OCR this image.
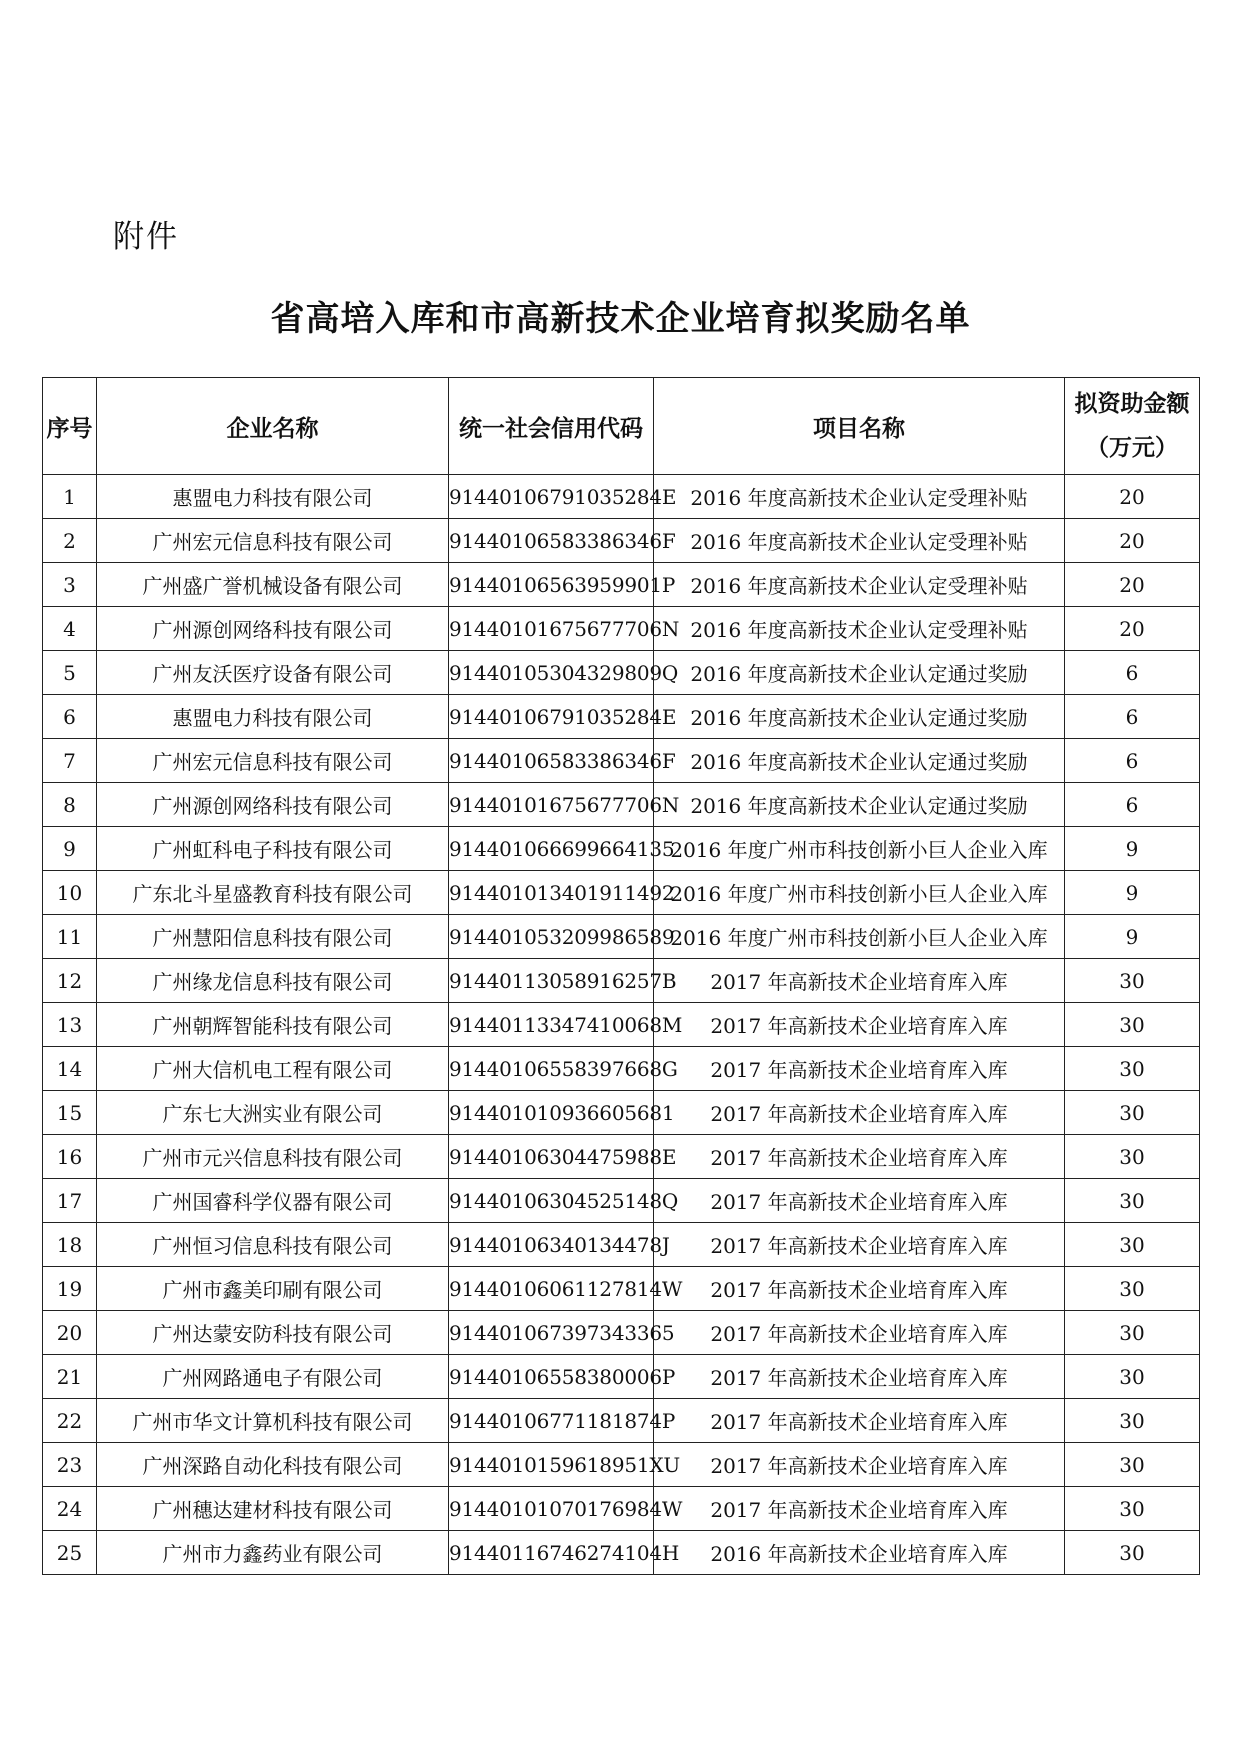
附件
省高培入库和市高新技术企业培育拟奖励名单
序号	企业名称	统一社会信用代码	项目名称	拟资助金额
（万元）

1	惠盟电力科技有限公司	91440106791035284E	2016 年度高新技术企业认定受理补贴	20
2	广州宏元信息科技有限公司	91440106583386346F	2016 年度高新技术企业认定受理补贴	20
3	广州盛广誉机械设备有限公司	91440106563959901P	2016 年度高新技术企业认定受理补贴	20
4	广州源创网络科技有限公司	91440101675677706N	2016 年度高新技术企业认定受理补贴	20
5	广州友沃医疗设备有限公司	91440105304329809Q	2016 年度高新技术企业认定通过奖励	6
6	惠盟电力科技有限公司	91440106791035284E	2016 年度高新技术企业认定通过奖励	6
7	广州宏元信息科技有限公司	91440106583386346F	2016 年度高新技术企业认定通过奖励	6
8	广州源创网络科技有限公司	91440101675677706N	2016 年度高新技术企业认定通过奖励	6
9	广州虹科电子科技有限公司	914401066699664135	2016 年度广州市科技创新小巨人企业入库	9
10	广东北斗星盛教育科技有限公司	914401013401911492	2016 年度广州市科技创新小巨人企业入库	9
11	广州慧阳信息科技有限公司	914401053209986589	2016 年度广州市科技创新小巨人企业入库	9
12	广州缘龙信息科技有限公司	91440113058916257B	2017 年高新技术企业培育库入库	30
13	广州朝辉智能科技有限公司	91440113347410068M	2017 年高新技术企业培育库入库	30
14	广州大信机电工程有限公司	91440106558397668G	2017 年高新技术企业培育库入库	30
15	广东七大洲实业有限公司	914401010936605681	2017 年高新技术企业培育库入库	30
16	广州市元兴信息科技有限公司	91440106304475988E	2017 年高新技术企业培育库入库	30
17	广州国睿科学仪器有限公司	91440106304525148Q	2017 年高新技术企业培育库入库	30
18	广州恒习信息科技有限公司	91440106340134478J	2017 年高新技术企业培育库入库	30
19	广州市鑫美印刷有限公司	91440106061127814W	2017 年高新技术企业培育库入库	30
20	广州达蒙安防科技有限公司	914401067397343365	2017 年高新技术企业培育库入库	30
21	广州网路通电子有限公司	91440106558380006P	2017 年高新技术企业培育库入库	30
22	广州市华文计算机科技有限公司	91440106771181874P	2017 年高新技术企业培育库入库	30
23	广州深路自动化科技有限公司	9144010159618951XU	2017 年高新技术企业培育库入库	30
24	广州穗达建材科技有限公司	91440101070176984W	2017 年高新技术企业培育库入库	30
25	广州市力鑫药业有限公司	91440116746274104H	2016 年高新技术企业培育库入库	30
